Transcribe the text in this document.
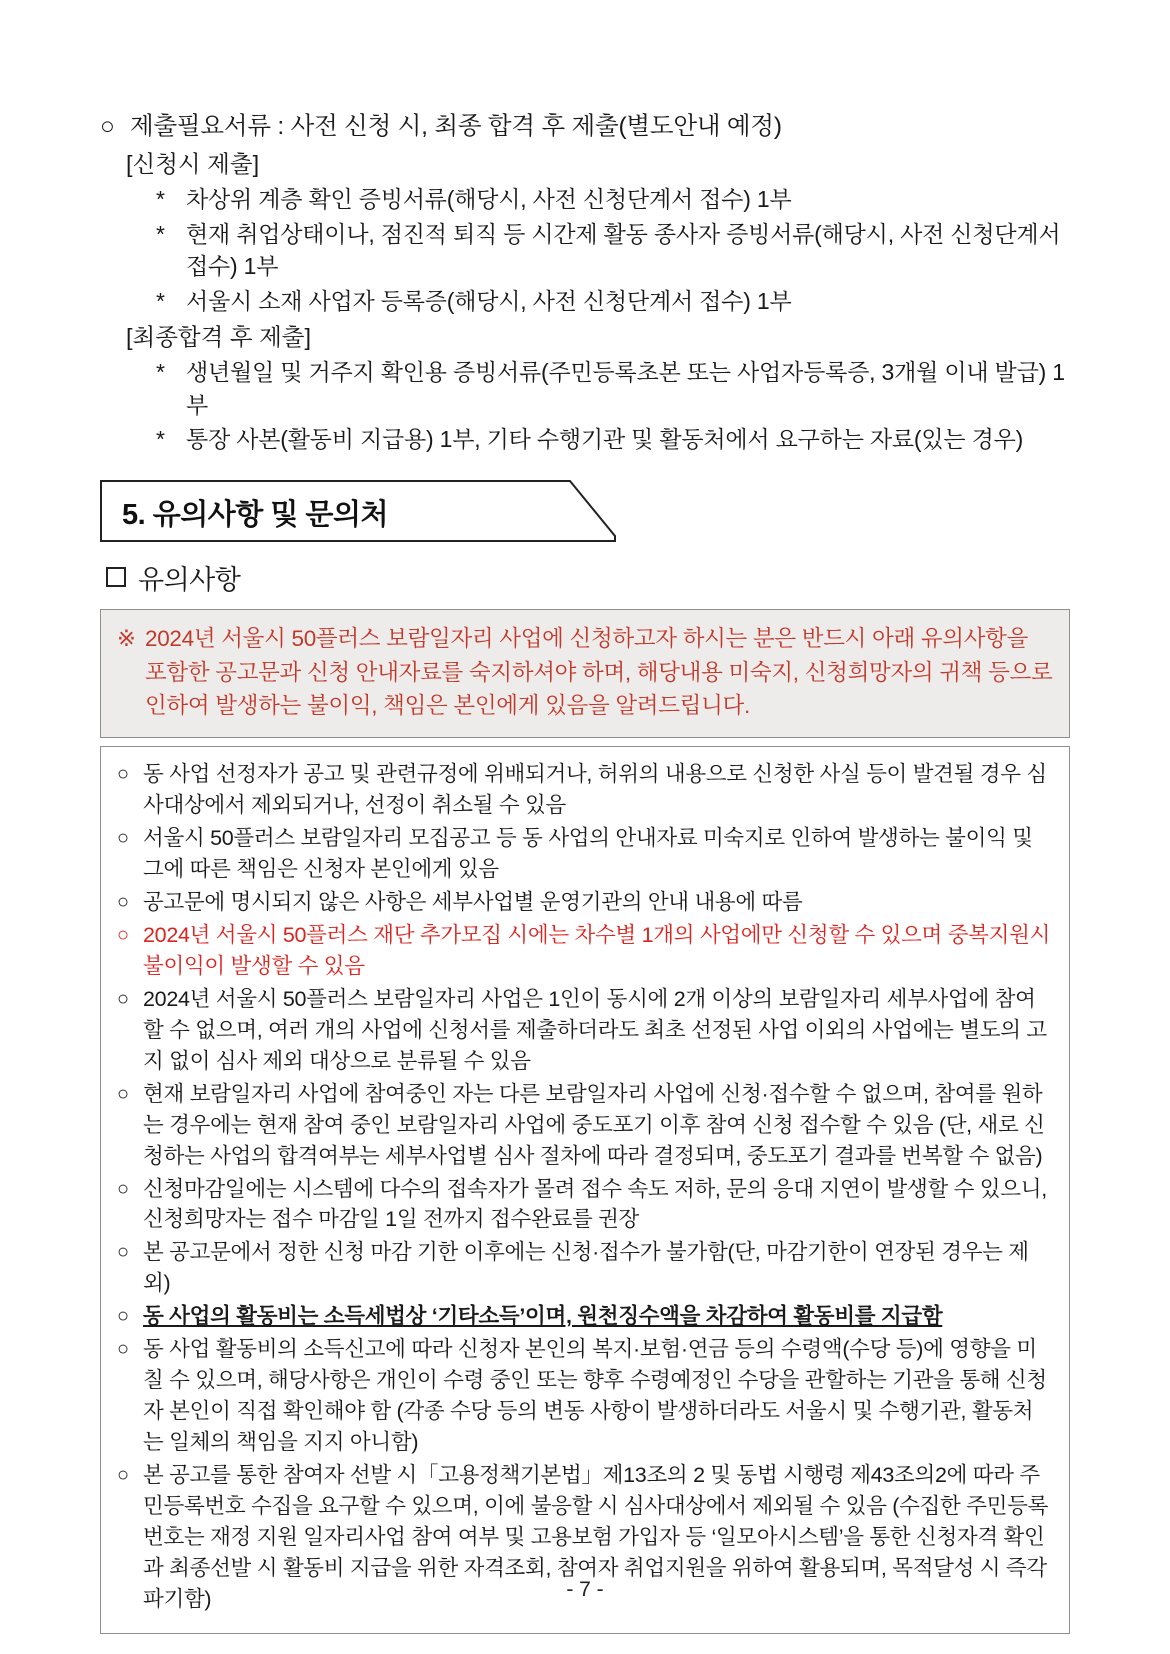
○ 제출필요서류 : 사전 신청 시, 최종 합격 후 제출(별도안내 예정)
[신청시 제출]
* 차상위 계층 확인 증빙서류(해당시, 사전 신청단계서 접수) 1부
* 현재 취업상태이나, 점진적 퇴직 등 시간제 활동 종사자 증빙서류(해당시, 사전 신청단계서 접수) 1부
* 서울시 소재 사업자 등록증(해당시, 사전 신청단계서 접수) 1부
[최종합격 후 제출]
* 생년월일 및 거주지 확인용 증빙서류(주민등록초본 또는 사업자등록증, 3개월 이내 발급) 1부
* 통장 사본(활동비 지급용) 1부, 기타 수행기관 및 활동처에서 요구하는 자료(있는 경우)
5. 유의사항 및 문의처
유의사항
※ 2024년 서울시 50플러스 보람일자리 사업에 신청하고자 하시는 분은 반드시 아래 유의사항을 포함한 공고문과 신청 안내자료를 숙지하셔야 하며, 해당내용 미숙지, 신청희망자의 귀책 등으로 인하여 발생하는 불이익, 책임은 본인에게 있음을 알려드립니다.
○ 동 사업 선정자가 공고 및 관련규정에 위배되거나, 허위의 내용으로 신청한 사실 등이 발견될 경우 심사대상에서 제외되거나, 선정이 취소될 수 있음
○ 서울시 50플러스 보람일자리 모집공고 등 동 사업의 안내자료 미숙지로 인하여 발생하는 불이익 및 그에 따른 책임은 신청자 본인에게 있음
○ 공고문에 명시되지 않은 사항은 세부사업별 운영기관의 안내 내용에 따름
○ 2024년 서울시 50플러스 재단 추가모집 시에는 차수별 1개의 사업에만 신청할 수 있으며 중복지원시 불이익이 발생할 수 있음
○ 2024년 서울시 50플러스 보람일자리 사업은 1인이 동시에 2개 이상의 보람일자리 세부사업에 참여할 수 없으며, 여러 개의 사업에 신청서를 제출하더라도 최초 선정된 사업 이외의 사업에는 별도의 고지 없이 심사 제외 대상으로 분류될 수 있음
○ 현재 보람일자리 사업에 참여중인 자는 다른 보람일자리 사업에 신청·접수할 수 없으며, 참여를 원하는 경우에는 현재 참여 중인 보람일자리 사업에 중도포기 이후 참여 신청 접수할 수 있음 (단, 새로 신청하는 사업의 합격여부는 세부사업별 심사 절차에 따라 결정되며, 중도포기 결과를 번복할 수 없음)
○ 신청마감일에는 시스템에 다수의 접속자가 몰려 접수 속도 저하, 문의 응대 지연이 발생할 수 있으니, 신청희망자는 접수 마감일 1일 전까지 접수완료를 권장
○ 본 공고문에서 정한 신청 마감 기한 이후에는 신청·접수가 불가함(단, 마감기한이 연장된 경우는 제외)
○ 동 사업의 활동비는 소득세법상 ‘기타소득’이며, 원천징수액을 차감하여 활동비를 지급함
○ 동 사업 활동비의 소득신고에 따라 신청자 본인의 복지·보험·연금 등의 수령액(수당 등)에 영향을 미칠 수 있으며, 해당사항은 개인이 수령 중인 또는 향후 수령예정인 수당을 관할하는 기관을 통해 신청자 본인이 직접 확인해야 함 (각종 수당 등의 변동 사항이 발생하더라도 서울시 및 수행기관, 활동처는 일체의 책임을 지지 아니함)
○ 본 공고를 통한 참여자 선발 시「고용정책기본법」제13조의 2 및 동법 시행령 제43조의2에 따라 주민등록번호 수집을 요구할 수 있으며, 이에 불응할 시 심사대상에서 제외될 수 있음 (수집한 주민등록번호는 재정 지원 일자리사업 참여 여부 및 고용보험 가입자 등 ‘일모아시스템’을 통한 신청자격 확인과 최종선발 시 활동비 지급을 위한 자격조회, 참여자 취업지원을 위하여 활용되며, 목적달성 시 즉각 파기함)	- 7 -
